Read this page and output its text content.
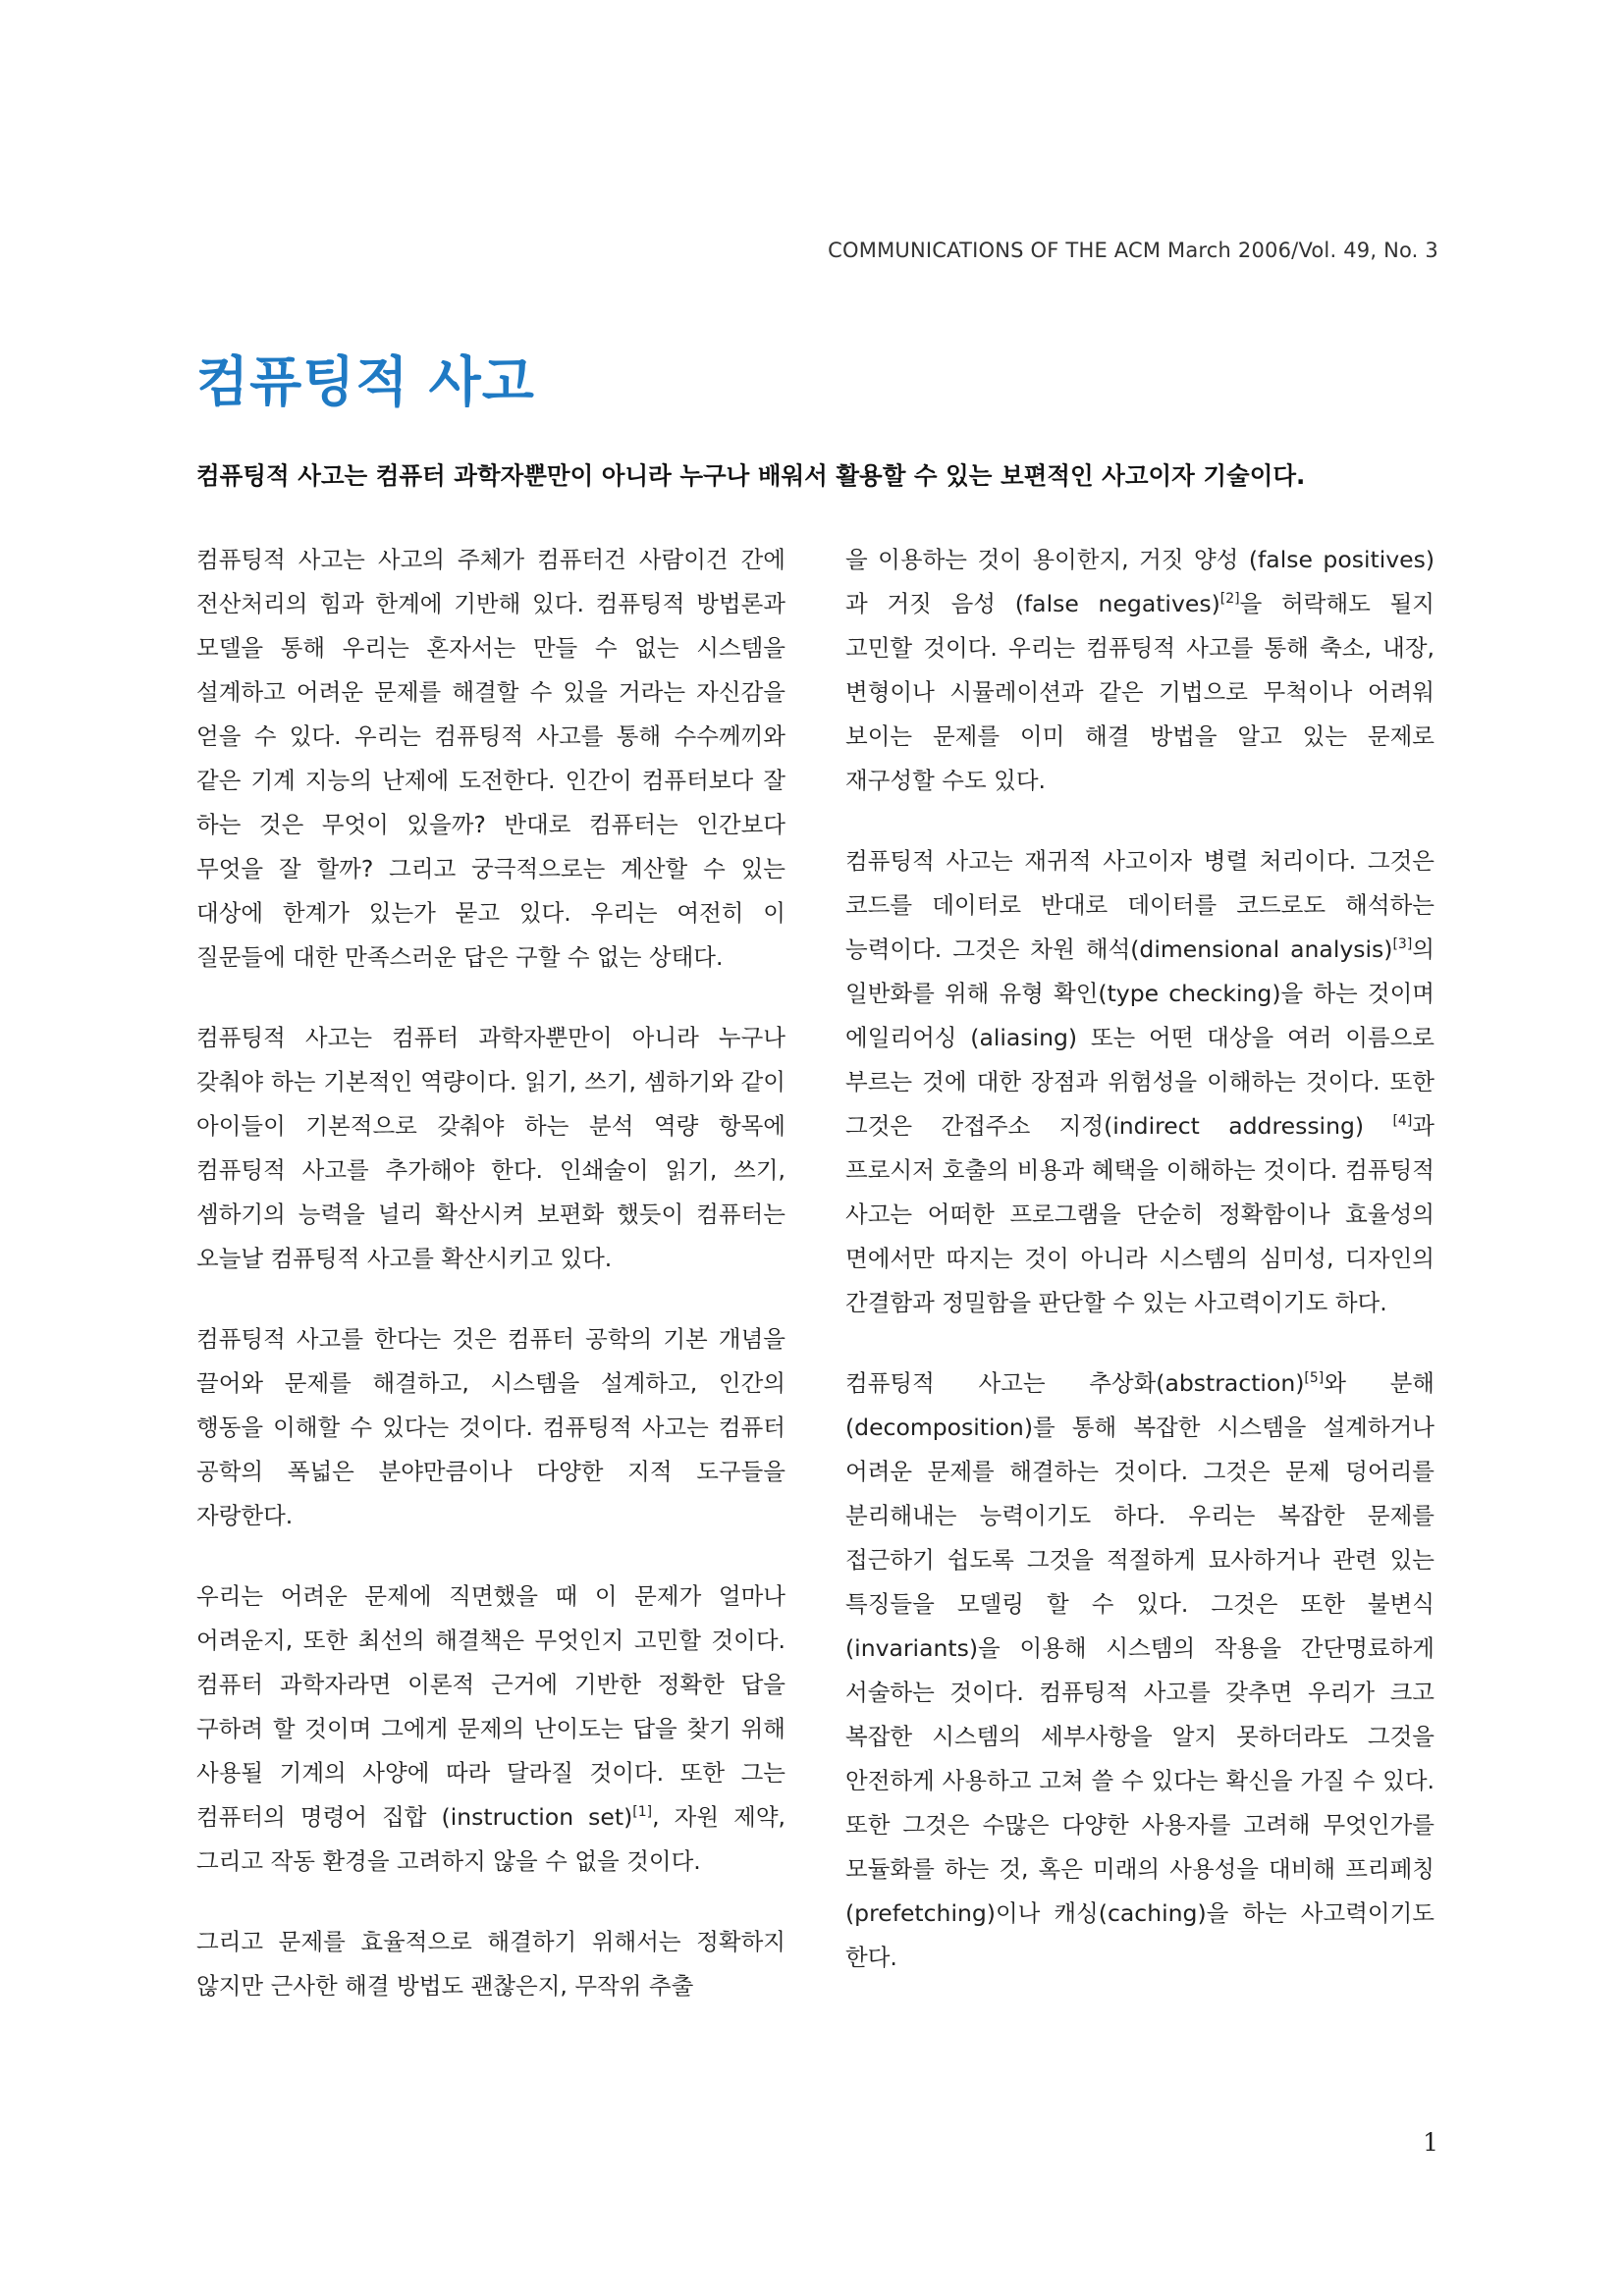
COMMUNICATIONS OF THE ACM March 2006/Vol. 49, No. 3
컴퓨팅적 사고

컴퓨팅적 사고는 컴퓨터 과학자뿐만이 아니라 누구나 배워서 활용할 수 있는 보편적인 사고이자 기술이다.

컴퓨팅적 사고는 사고의 주체가 컴퓨터건 사람이건 간에 전산처리의 힘과 한계에 기반해 있다. 컴퓨팅적 방법론과 모델을 통해 우리는 혼자서는 만들 수 없는 시스템을 설계하고 어려운 문제를 해결할 수 있을 거라는 자신감을 얻을 수 있다. 우리는 컴퓨팅적 사고를 통해 수수께끼와 같은 기계 지능의 난제에 도전한다. 인간이 컴퓨터보다 잘 하는 것은 무엇이 있을까? 반대로 컴퓨터는 인간보다 무엇을 잘 할까? 그리고 궁극적으로는 계산할 수 있는 대상에 한계가 있는가 묻고 있다. 우리는 여전히 이 질문들에 대한 만족스러운 답은 구할 수 없는 상태다.

컴퓨팅적 사고는 컴퓨터 과학자뿐만이 아니라 누구나 갖춰야 하는 기본적인 역량이다. 읽기, 쓰기, 셈하기와 같이 아이들이 기본적으로 갖춰야 하는 분석 역량 항목에 컴퓨팅적 사고를 추가해야 한다. 인쇄술이 읽기, 쓰기, 셈하기의 능력을 널리 확산시켜 보편화 했듯이 컴퓨터는 오늘날 컴퓨팅적 사고를 확산시키고 있다.

컴퓨팅적 사고를 한다는 것은 컴퓨터 공학의 기본 개념을 끌어와 문제를 해결하고, 시스템을 설계하고, 인간의 행동을 이해할 수 있다는 것이다. 컴퓨팅적 사고는 컴퓨터 공학의 폭넓은 분야만큼이나 다양한 지적 도구들을 자랑한다.

우리는 어려운 문제에 직면했을 때 이 문제가 얼마나 어려운지, 또한 최선의 해결책은 무엇인지 고민할 것이다. 컴퓨터 과학자라면 이론적 근거에 기반한 정확한 답을 구하려 할 것이며 그에게 문제의 난이도는 답을 찾기 위해 사용될 기계의 사양에 따라 달라질 것이다. 또한 그는 컴퓨터의 명령어 집합 (instruction set)[1], 자원 제약, 그리고 작동 환경을 고려하지 않을 수 없을 것이다.

그리고 문제를 효율적으로 해결하기 위해서는 정확하지 않지만 근사한 해결 방법도 괜찮은지, 무작위 추출

을 이용하는 것이 용이한지, 거짓 양성 (false positives)과 거짓 음성 (false negatives)[2]을 허락해도 될지 고민할 것이다. 우리는 컴퓨팅적 사고를 통해 축소, 내장, 변형이나 시뮬레이션과 같은 기법으로 무척이나 어려워 보이는 문제를 이미 해결 방법을 알고 있는 문제로 재구성할 수도 있다.

컴퓨팅적 사고는 재귀적 사고이자 병렬 처리이다. 그것은 코드를 데이터로 반대로 데이터를 코드로도 해석하는 능력이다. 그것은 차원 해석(dimensional analysis)[3]의 일반화를 위해 유형 확인(type checking)을 하는 것이며 에일리어싱 (aliasing) 또는 어떤 대상을 여러 이름으로 부르는 것에 대한 장점과 위험성을 이해하는 것이다. 또한 그것은 간접주소 지정(indirect addressing) [4]과 프로시저 호출의 비용과 혜택을 이해하는 것이다. 컴퓨팅적 사고는 어떠한 프로그램을 단순히 정확함이나 효율성의 면에서만 따지는 것이 아니라 시스템의 심미성, 디자인의 간결함과 정밀함을 판단할 수 있는 사고력이기도 하다.

컴퓨팅적 사고는 추상화(abstraction)[5]와 분해(decomposition)를 통해 복잡한 시스템을 설계하거나 어려운 문제를 해결하는 것이다. 그것은 문제 덩어리를 분리해내는 능력이기도 하다. 우리는 복잡한 문제를 접근하기 쉽도록 그것을 적절하게 묘사하거나 관련 있는 특징들을 모델링 할 수 있다. 그것은 또한 불변식(invariants)을 이용해 시스템의 작용을 간단명료하게 서술하는 것이다. 컴퓨팅적 사고를 갖추면 우리가 크고 복잡한 시스템의 세부사항을 알지 못하더라도 그것을 안전하게 사용하고 고쳐 쓸 수 있다는 확신을 가질 수 있다. 또한 그것은 수많은 다양한 사용자를 고려해 무엇인가를 모듈화를 하는 것, 혹은 미래의 사용성을 대비해 프리페칭(prefetching)이나 캐싱(caching)을 하는 사고력이기도 한다.

1
